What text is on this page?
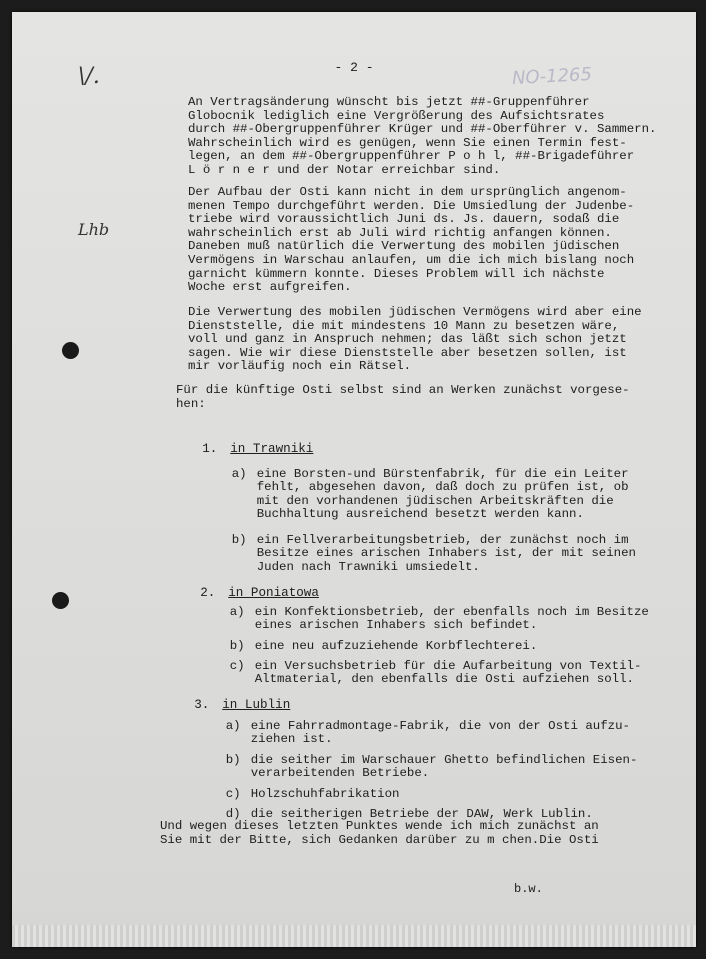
\/.
Lhb
- 2 -	NO-1265
An Vertragsänderung wünscht bis jetzt ##-Gruppenführer
Globocnik lediglich eine Vergrößerung des Aufsichtsrates
durch ##-Obergruppenführer Krüger und ##-Oberführer v. Sammern.
Wahrscheinlich wird es genügen, wenn Sie einen Termin fest-
legen, an dem ##-Obergruppenführer P o h l, ##-Brigadeführer
L ö r n e r und der Notar erreichbar sind.
Der Aufbau der Osti kann nicht in dem ursprünglich angenom-
menen Tempo durchgeführt werden. Die Umsiedlung der Judenbe-
triebe wird voraussichtlich Juni ds. Js. dauern, sodaß die
wahrscheinlich erst ab Juli wird richtig anfangen können.
Daneben muß natürlich die Verwertung des mobilen jüdischen
Vermögens in Warschau anlaufen, um die ich mich bislang noch
garnicht kümmern konnte. Dieses Problem will ich nächste
Woche erst aufgreifen.
Die Verwertung des mobilen jüdischen Vermögens wird aber eine
Dienststelle, die mit mindestens 10 Mann zu besetzen wäre,
voll und ganz in Anspruch nehmen; das läßt sich schon jetzt
sagen. Wie wir diese Dienststelle aber besetzen sollen, ist
mir vorläufig noch ein Rätsel.
Für die künftige Osti selbst sind an Werken zunächst vorgese-
hen:

1. in Trawniki

a) eine Borsten-und Bürstenfabrik, für die ein Leiter
fehlt, abgesehen davon, daß doch zu prüfen ist, ob
mit den vorhandenen jüdischen Arbeitskräften die
Buchhaltung ausreichend besetzt werden kann.

b) ein Fellverarbeitungsbetrieb, der zunächst noch im
Besitze eines arischen Inhabers ist, der mit seinen
Juden nach Trawniki umsiedelt.

2. in Poniatowa

a) ein Konfektionsbetrieb, der ebenfalls noch im Besitze
eines arischen Inhabers sich befindet.

b) eine neu aufzuziehende Korbflechterei.

c) ein Versuchsbetrieb für die Aufarbeitung von Textil-
Altmaterial, den ebenfalls die Osti aufziehen soll.

3. in Lublin

a) eine Fahrradmontage-Fabrik, die von der Osti aufzu-
ziehen ist.

b) die seither im Warschauer Ghetto befindlichen Eisen-
verarbeitenden Betriebe.

c) Holzschuhfabrikation

d) die seitherigen Betriebe der DAW, Werk Lublin.

Und wegen dieses letzten Punktes wende ich mich zunächst an
Sie mit der Bitte, sich Gedanken darüber zu m chen.Die Osti
b.w.
